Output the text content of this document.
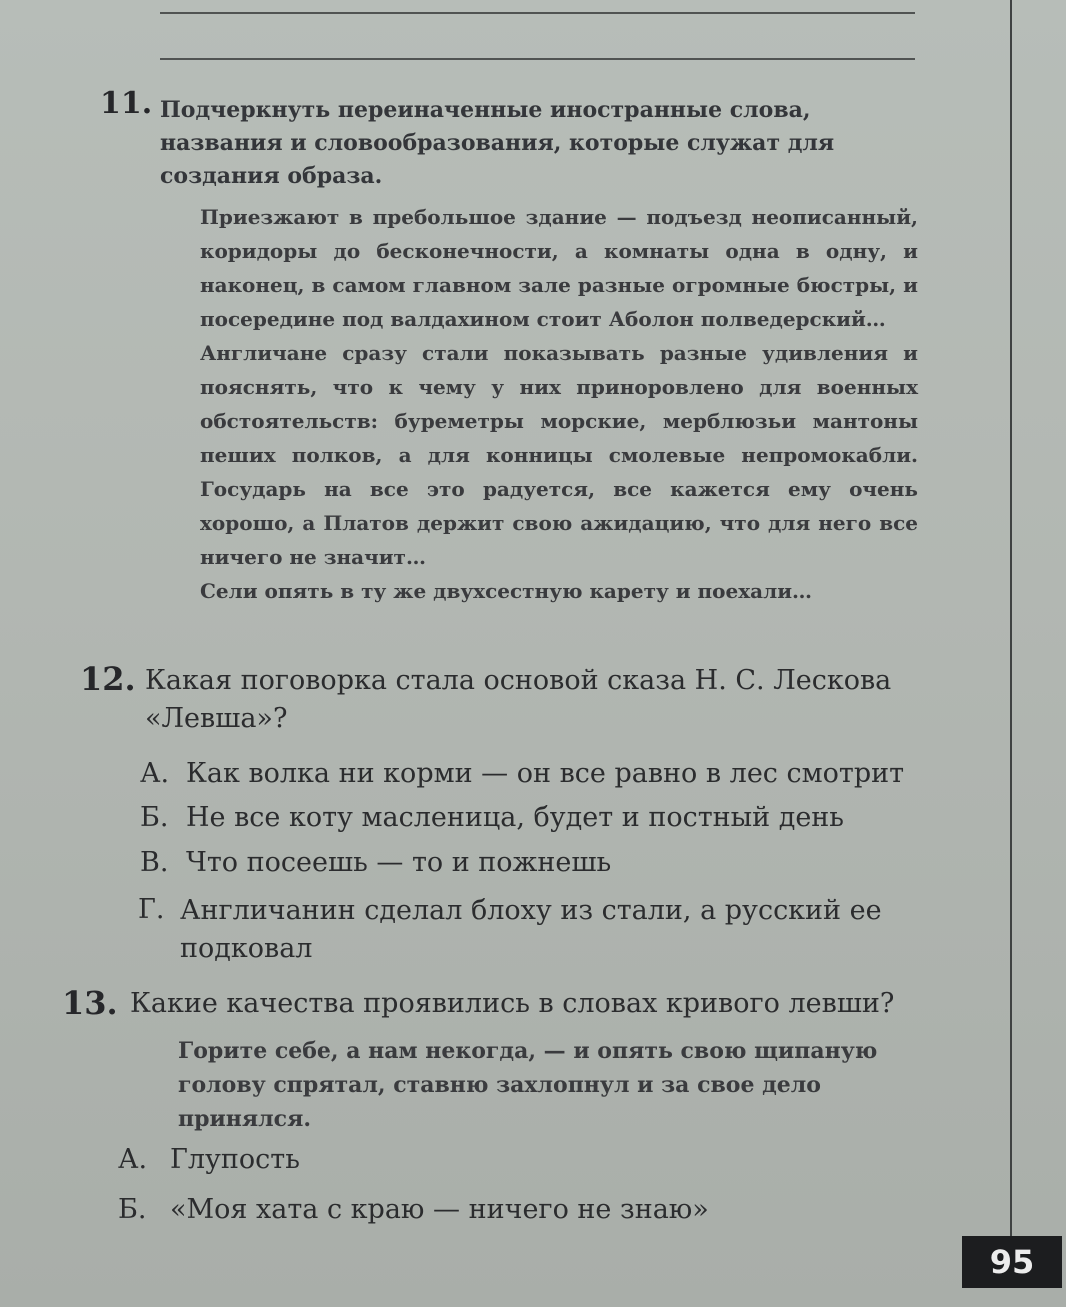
11. Подчеркнуть переиначенные иностранные слова,
названия и словообразования, которые служат для
создания образа.

Приезжают в пребольшое здание — подъезд неописанный, коридоры до бесконечности, а комнаты одна в одну, и наконец, в самом главном зале разные огромные бюстры, и посередине под валдахином стоит Аболон полведерский…

Англичане сразу стали показывать разные удивления и пояснять, что к чему у них приноровлено для военных обстоятельств: буреметры морские, мерблюзьи мантоны пеших полков, а для конницы смолевые непромокабли. Государь на все это радуется, все кажется ему очень хорошо, а Платов держит свою ажидацию, что для него все ничего не значит…

Сели опять в ту же двухсестную карету и поехали…

12. Какая поговорка стала основой сказа Н. С. Лескова
«Левша»?
А. Как волка ни корми — он все равно в лес смотрит
Б. Не все коту масленица, будет и постный день
В. Что посеешь — то и пожнешь
Г. Англичанин сделал блоху из стали, а русский ее подковал
13. Какие качества проявились в словах кривого левши?
Горите себе, а нам некогда, — и опять свою щипаную голову спрятал, ставню захлопнул и за свое дело принялся.
А. Глупость
Б. «Моя хата с краю — ничего не знаю»
95
